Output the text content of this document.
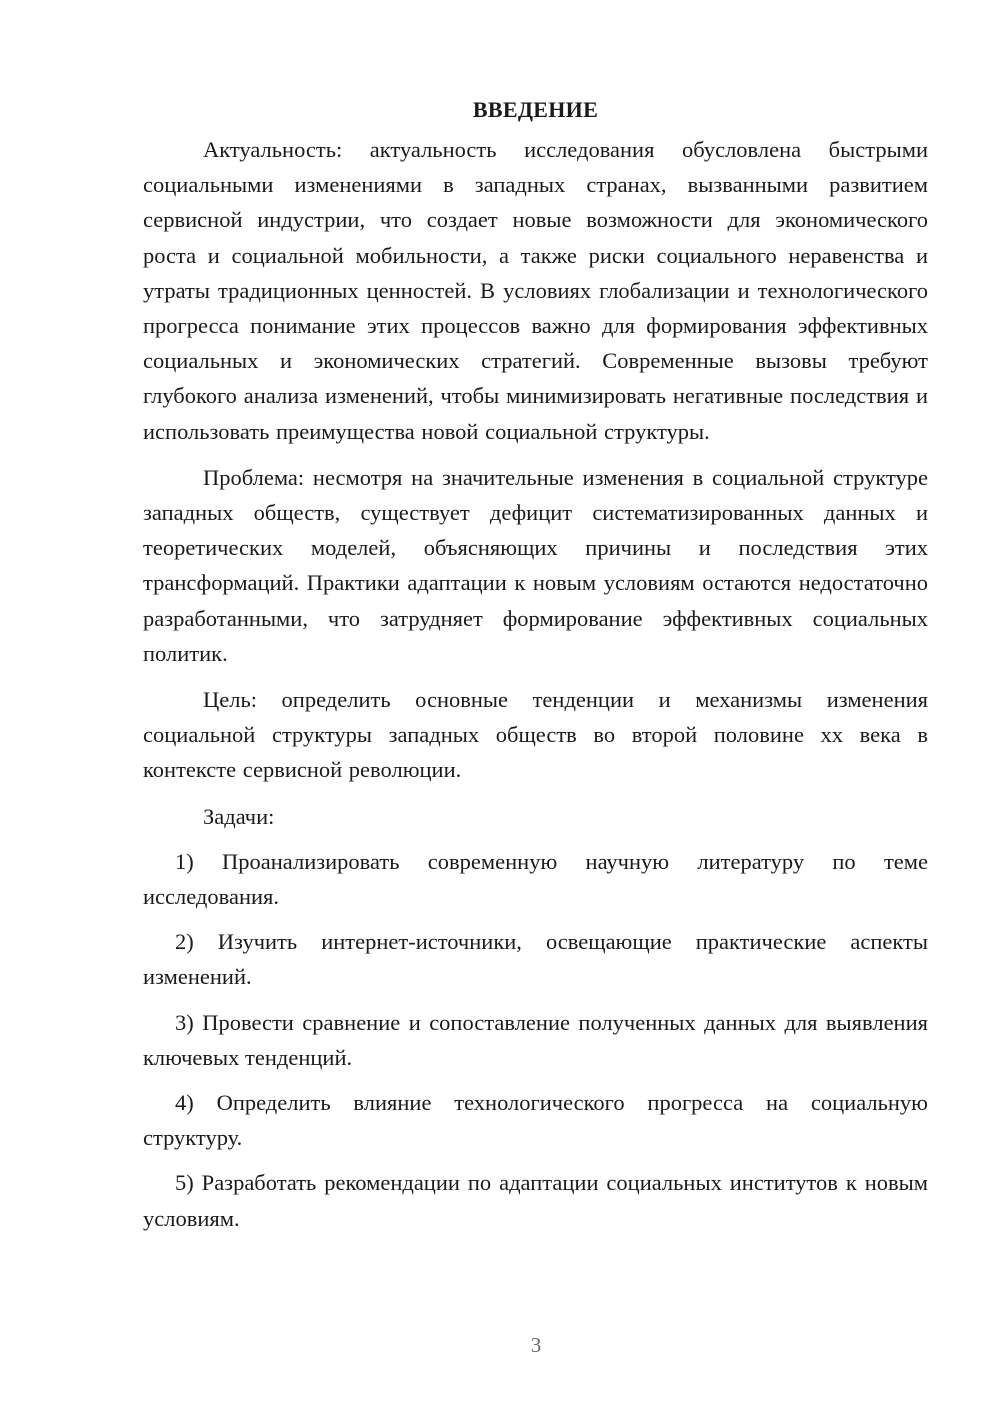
ВВЕДЕНИЕ

Актуальность: актуальность исследования обусловлена быстрыми социальными изменениями в западных странах, вызванными развитием сервисной индустрии, что создает новые возможности для экономического роста и социальной мобильности, а также риски социального неравенства и утраты традиционных ценностей. В условиях глобализации и технологического прогресса понимание этих процессов важно для формирования эффективных социальных и экономических стратегий. Современные вызовы требуют глубокого анализа изменений, чтобы минимизировать негативные последствия и использовать преимущества новой социальной структуры.

Проблема: несмотря на значительные изменения в социальной структуре западных обществ, существует дефицит систематизированных данных и теоретических моделей, объясняющих причины и последствия этих трансформаций. Практики адаптации к новым условиям остаются недостаточно разработанными, что затрудняет формирование эффективных социальных политик.

Цель: определить основные тенденции и механизмы изменения социальной структуры западных обществ во второй половине xx века в контексте сервисной революции.

Задачи:

1) Проанализировать современную научную литературу по теме исследования.

2) Изучить интернет-источники, освещающие практические аспекты изменений.

3) Провести сравнение и сопоставление полученных данных для выявления ключевых тенденций.

4) Определить влияние технологического прогресса на социальную структуру.

5) Разработать рекомендации по адаптации социальных институтов к новым условиям.

3
